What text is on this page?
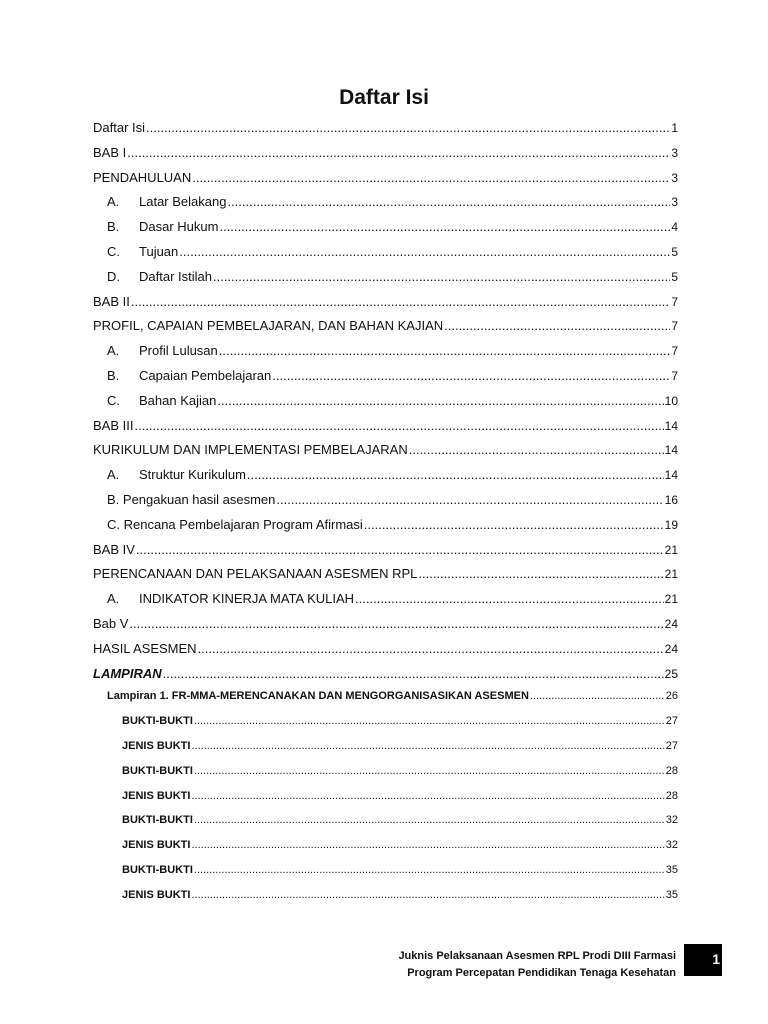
Daftar Isi
Daftar Isi .....	1
BAB I .....	3
PENDAHULUAN .....	3
A. Latar Belakang .....	3
B. Dasar Hukum .....	4
C. Tujuan .....	5
D. Daftar Istilah .....	5
BAB II .....	7
PROFIL, CAPAIAN PEMBELAJARAN, DAN BAHAN KAJIAN .....	7
A. Profil Lulusan .....	7
B. Capaian Pembelajaran .....	7
C. Bahan Kajian .....	10
BAB III .....	14
KURIKULUM DAN IMPLEMENTASI PEMBELAJARAN .....	14
A. Struktur Kurikulum .....	14
B. Pengakuan hasil asesmen .....	16
C. Rencana Pembelajaran Program Afirmasi .....	19
BAB IV .....	21
PERENCANAAN DAN PELAKSANAAN ASESMEN RPL .....	21
A. INDIKATOR KINERJA MATA KULIAH .....	21
Bab V .....	24
HASIL ASESMEN .....	24
LAMPIRAN .....	25
Lampiran 1. FR-MMA-MERENCANAKAN DAN MENGORGANISASIKAN ASESMEN .....	26
BUKTI-BUKTI .....	27
JENIS BUKTI .....	27
BUKTI-BUKTI .....	28
JENIS BUKTI .....	28
BUKTI-BUKTI .....	32
JENIS BUKTI .....	32
BUKTI-BUKTI .....	35
JENIS BUKTI .....	35
Juknis Pelaksanaan Asesmen RPL Prodi DIII Farmasi
Program Percepatan Pendidikan Tenaga Kesehatan
1
